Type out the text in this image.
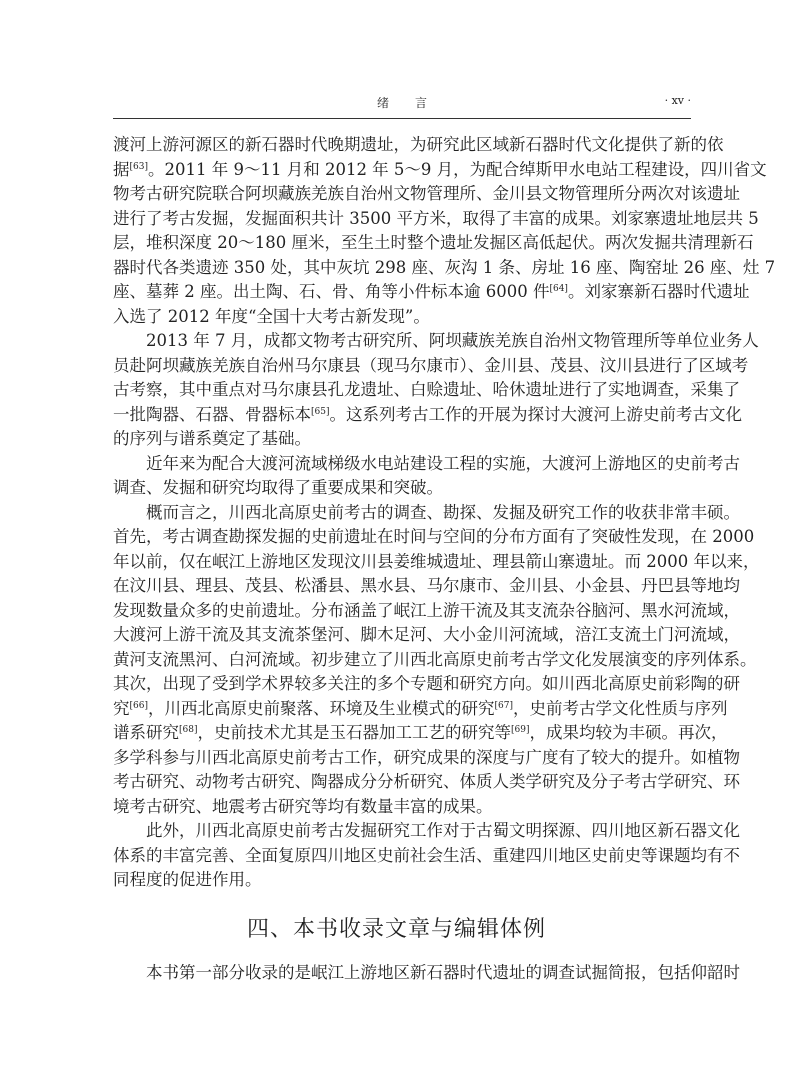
绪言	· xv ·
渡河上游河源区的新石器时代晚期遗址，为研究此区域新石器时代文化提供了新的依
据[63]。2011 年 9～11 月和 2012 年 5～9 月，为配合绰斯甲水电站工程建设，四川省文
物考古研究院联合阿坝藏族羌族自治州文物管理所、金川县文物管理所分两次对该遗址
进行了考古发掘，发掘面积共计 3500 平方米，取得了丰富的成果。刘家寨遗址地层共 5
层，堆积深度 20～180 厘米，至生土时整个遗址发掘区高低起伏。两次发掘共清理新石
器时代各类遗迹 350 处，其中灰坑 298 座、灰沟 1 条、房址 16 座、陶窑址 26 座、灶 7
座、墓葬 2 座。出土陶、石、骨、角等小件标本逾 6000 件[64]。刘家寨新石器时代遗址
入选了 2012 年度“全国十大考古新发现”。
2013 年 7 月，成都文物考古研究所、阿坝藏族羌族自治州文物管理所等单位业务人
员赴阿坝藏族羌族自治州马尔康县（现马尔康市）、金川县、茂县、汶川县进行了区域考
古考察，其中重点对马尔康县孔龙遗址、白赊遗址、哈休遗址进行了实地调查，采集了
一批陶器、石器、骨器标本[65]。这系列考古工作的开展为探讨大渡河上游史前考古文化
的序列与谱系奠定了基础。
近年来为配合大渡河流域梯级水电站建设工程的实施，大渡河上游地区的史前考古
调查、发掘和研究均取得了重要成果和突破。
概而言之，川西北高原史前考古的调查、勘探、发掘及研究工作的收获非常丰硕。
首先，考古调查勘探发掘的史前遗址在时间与空间的分布方面有了突破性发现，在 2000
年以前，仅在岷江上游地区发现汶川县姜维城遗址、理县箭山寨遗址。而 2000 年以来，
在汶川县、理县、茂县、松潘县、黑水县、马尔康市、金川县、小金县、丹巴县等地均
发现数量众多的史前遗址。分布涵盖了岷江上游干流及其支流杂谷脑河、黑水河流域，
大渡河上游干流及其支流茶堡河、脚木足河、大小金川河流域，涪江支流土门河流域，
黄河支流黑河、白河流域。初步建立了川西北高原史前考古学文化发展演变的序列体系。
其次，出现了受到学术界较多关注的多个专题和研究方向。如川西北高原史前彩陶的研
究[66]，川西北高原史前聚落、环境及生业模式的研究[67]，史前考古学文化性质与序列
谱系研究[68]，史前技术尤其是玉石器加工工艺的研究等[69]，成果均较为丰硕。再次，
多学科参与川西北高原史前考古工作，研究成果的深度与广度有了较大的提升。如植物
考古研究、动物考古研究、陶器成分分析研究、体质人类学研究及分子考古学研究、环
境考古研究、地震考古研究等均有数量丰富的成果。
此外，川西北高原史前考古发掘研究工作对于古蜀文明探源、四川地区新石器文化
体系的丰富完善、全面复原四川地区史前社会生活、重建四川地区史前史等课题均有不
同程度的促进作用。
四、本书收录文章与编辑体例
本书第一部分收录的是岷江上游地区新石器时代遗址的调查试掘简报，包括仰韶时
